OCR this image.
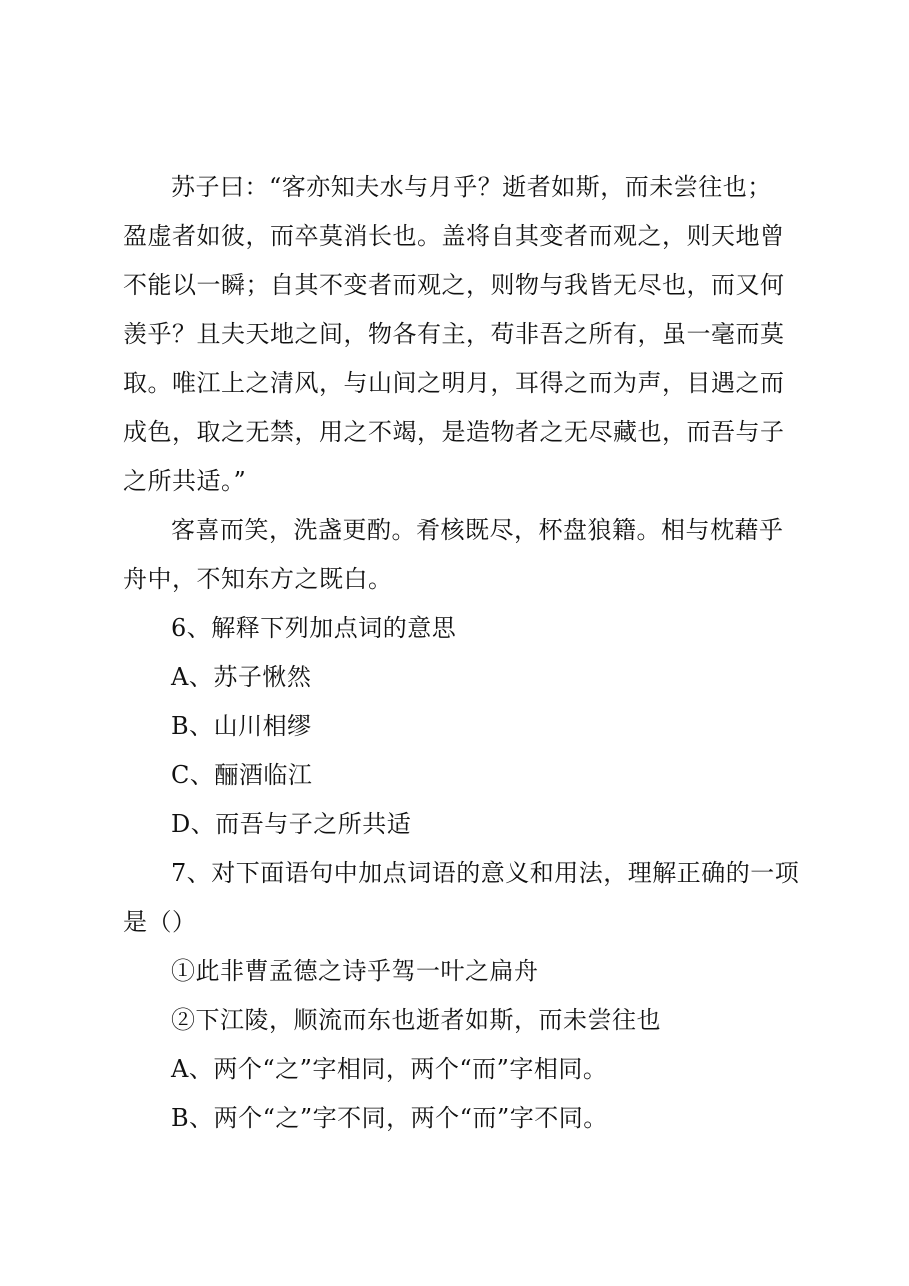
苏子曰：“客亦知夫水与月乎？逝者如斯，而未尝往也；
盈虚者如彼，而卒莫消长也。盖将自其变者而观之，则天地曾
不能以一瞬；自其不变者而观之，则物与我皆无尽也，而又何
羡乎？且夫天地之间，物各有主，苟非吾之所有，虽一毫而莫
取。唯江上之清风，与山间之明月，耳得之而为声，目遇之而
成色，取之无禁，用之不竭，是造物者之无尽藏也，而吾与子
之所共适。”
客喜而笑，洗盏更酌。肴核既尽，杯盘狼籍。相与枕藉乎
舟中，不知东方之既白。
6、解释下列加点词的意思
A、苏子愀然
B、山川相缪
C、酾酒临江
D、而吾与子之所共适
7、对下面语句中加点词语的意义和用法，理解正确的一项
是（）
①此非曹孟德之诗乎驾一叶之扁舟
②下江陵，顺流而东也逝者如斯，而未尝往也
A、两个“之”字相同，两个“而”字相同。
B、两个“之”字不同，两个“而”字不同。
